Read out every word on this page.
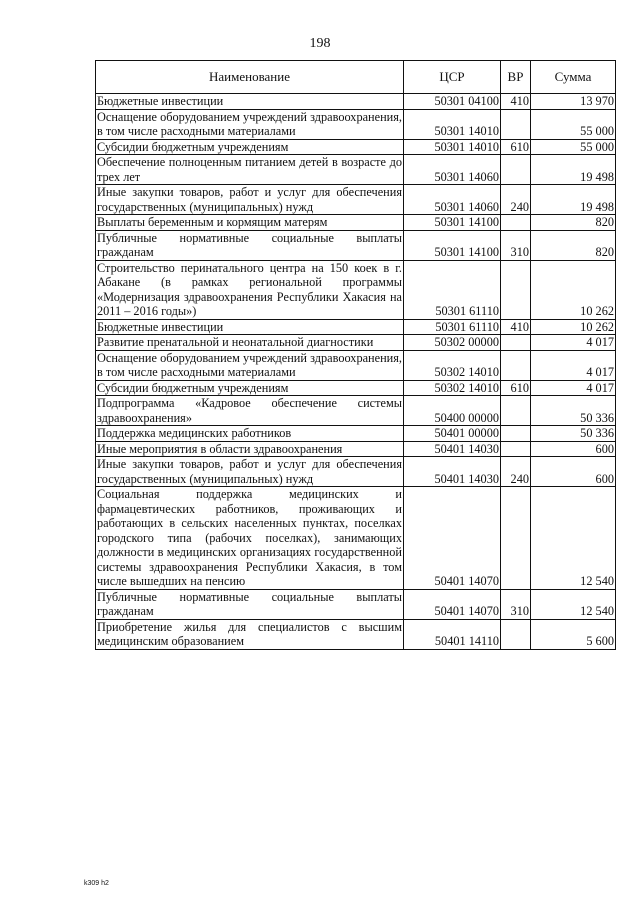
198
Наименование	ЦСР	ВР	Сумма
Бюджетные инвестиции	50301 04100	410	13 970
Оснащение оборудованием учреждений здравоохранения, в том числе расходными материалами	50301 14010		55 000
Субсидии бюджетным учреждениям	50301 14010	610	55 000
Обеспечение полноценным питанием детей в возрасте до трех лет	50301 14060		19 498
Иные закупки товаров, работ и услуг для обеспечения государственных (муниципальных) нужд	50301 14060	240	19 498
Выплаты беременным и кормящим матерям	50301 14100		820
Публичные нормативные социальные выплаты гражданам	50301 14100	310	820
Строительство перинатального центра на 150 коек в г. Абакане (в рамках региональной программы «Модернизация здравоохранения Республики Хакасия на 2011 – 2016 годы»)	50301 61110		10 262
Бюджетные инвестиции	50301 61110	410	10 262
Развитие пренатальной и неонатальной диагностики	50302 00000		4 017
Оснащение оборудованием учреждений здравоохранения, в том числе расходными материалами	50302 14010		4 017
Субсидии бюджетным учреждениям	50302 14010	610	4 017
Подпрограмма «Кадровое обеспечение системы здравоохранения»	50400 00000		50 336
Поддержка медицинских работников	50401 00000		50 336
Иные мероприятия в области здравоохранения	50401 14030		600
Иные закупки товаров, работ и услуг для обеспечения государственных (муниципальных) нужд	50401 14030	240	600
Социальная поддержка медицинских и фармацевтических работников, проживающих и работающих в сельских населенных пунктах, поселках городского типа (рабочих поселках), занимающих должности в медицинских организациях государственной системы здравоохранения Республики Хакасия, в том числе вышедших на пенсию	50401 14070		12 540
Публичные нормативные социальные выплаты гражданам	50401 14070	310	12 540
Приобретение жилья для специалистов с высшим медицинским образованием	50401 14110		5 600
k309 h2
